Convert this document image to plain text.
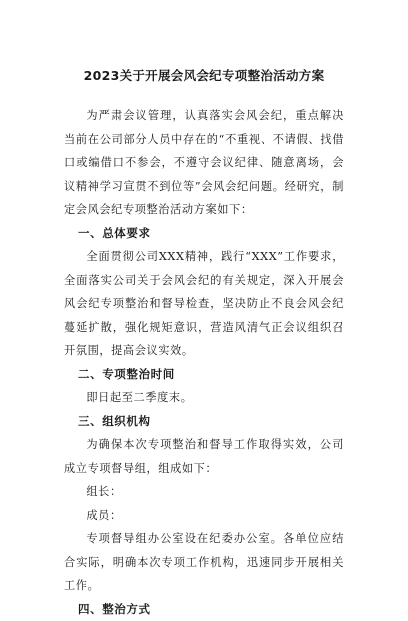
2023关于开展会风会纪专项整治活动方案

为严肃会议管理，认真落实会风会纪，重点解决当前在公司部分人员中存在的“不重视、不请假、找借口或编借口不参会，不遵守会议纪律、随意离场，会议精神学习宣贯不到位等”会风会纪问题。经研究，制定会风会纪专项整治活动方案如下：

一、总体要求

全面贯彻公司XXX精神，践行“XXX”工作要求，全面落实公司关于会风会纪的有关规定，深入开展会风会纪专项整治和督导检查，坚决防止不良会风会纪蔓延扩散，强化规矩意识，营造风清气正会议组织召开氛围，提高会议实效。

二、专项整治时间

即日起至二季度末。

三、组织机构

为确保本次专项整治和督导工作取得实效，公司成立专项督导组，组成如下：

组长：

成员：

专项督导组办公室设在纪委办公室。各单位应结合实际，明确本次专项工作机构，迅速同步开展相关工作。

四、整治方式
